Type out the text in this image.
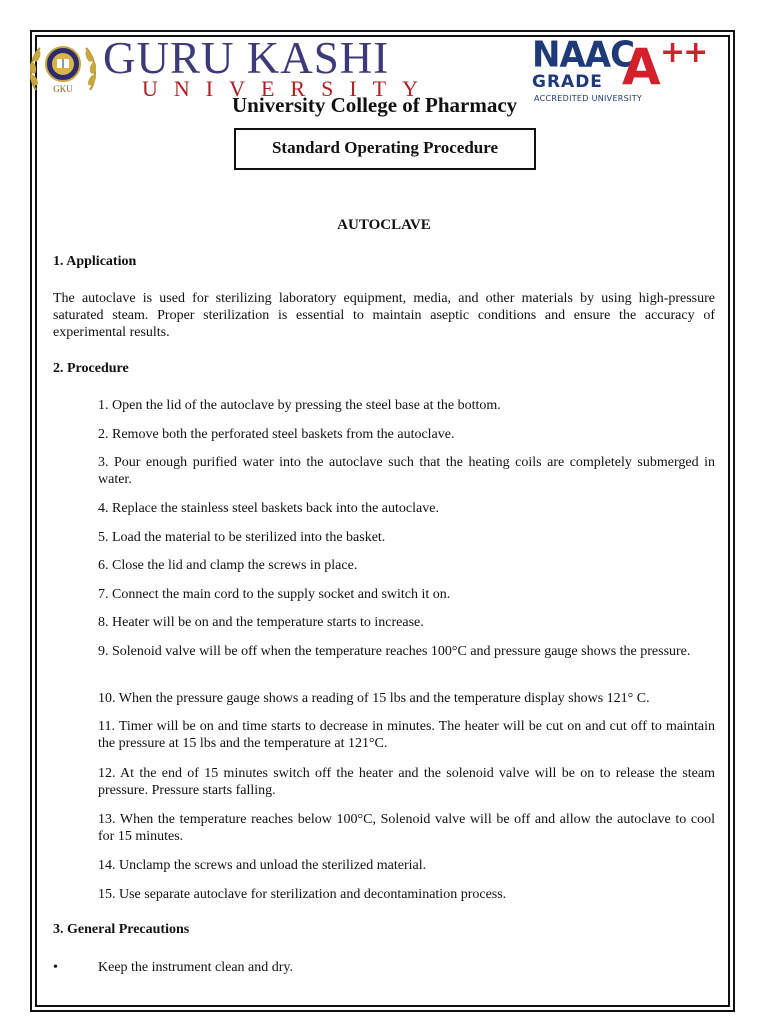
GKU
GURU KASHI
UNIVERSITY
University College of Pharmacy
NAAC
GRADE
ACCREDITED UNIVERSITY
A ++
Standard Operating Procedure
AUTOCLAVE
1. Application
The autoclave is used for sterilizing laboratory equipment, media, and other materials by using high-pressure saturated steam. Proper sterilization is essential to maintain aseptic conditions and ensure the accuracy of experimental results.
2. Procedure
1. Open the lid of the autoclave by pressing the steel base at the bottom.
2. Remove both the perforated steel baskets from the autoclave.
3. Pour enough purified water into the autoclave such that the heating coils are completely submerged in water.
4. Replace the stainless steel baskets back into the autoclave.
5. Load the material to be sterilized into the basket.
6. Close the lid and clamp the screws in place.
7. Connect the main cord to the supply socket and switch it on.
8. Heater will be on and the temperature starts to increase.
9. Solenoid valve will be off when the temperature reaches 100°C and pressure gauge shows the pressure.
10. When the pressure gauge shows a reading of 15 lbs and the temperature display shows 121° C.
11. Timer will be on and time starts to decrease in minutes. The heater will be cut on and cut off to maintain the pressure at 15 lbs and the temperature at 121°C.
12. At the end of 15 minutes switch off the heater and the solenoid valve will be on to release the steam pressure. Pressure starts falling.
13. When the temperature reaches below 100°C, Solenoid valve will be off and allow the autoclave to cool for 15 minutes.
14. Unclamp the screws and unload the sterilized material.
15. Use separate autoclave for sterilization and decontamination process.
3. General Precautions
•	Keep the instrument clean and dry.
